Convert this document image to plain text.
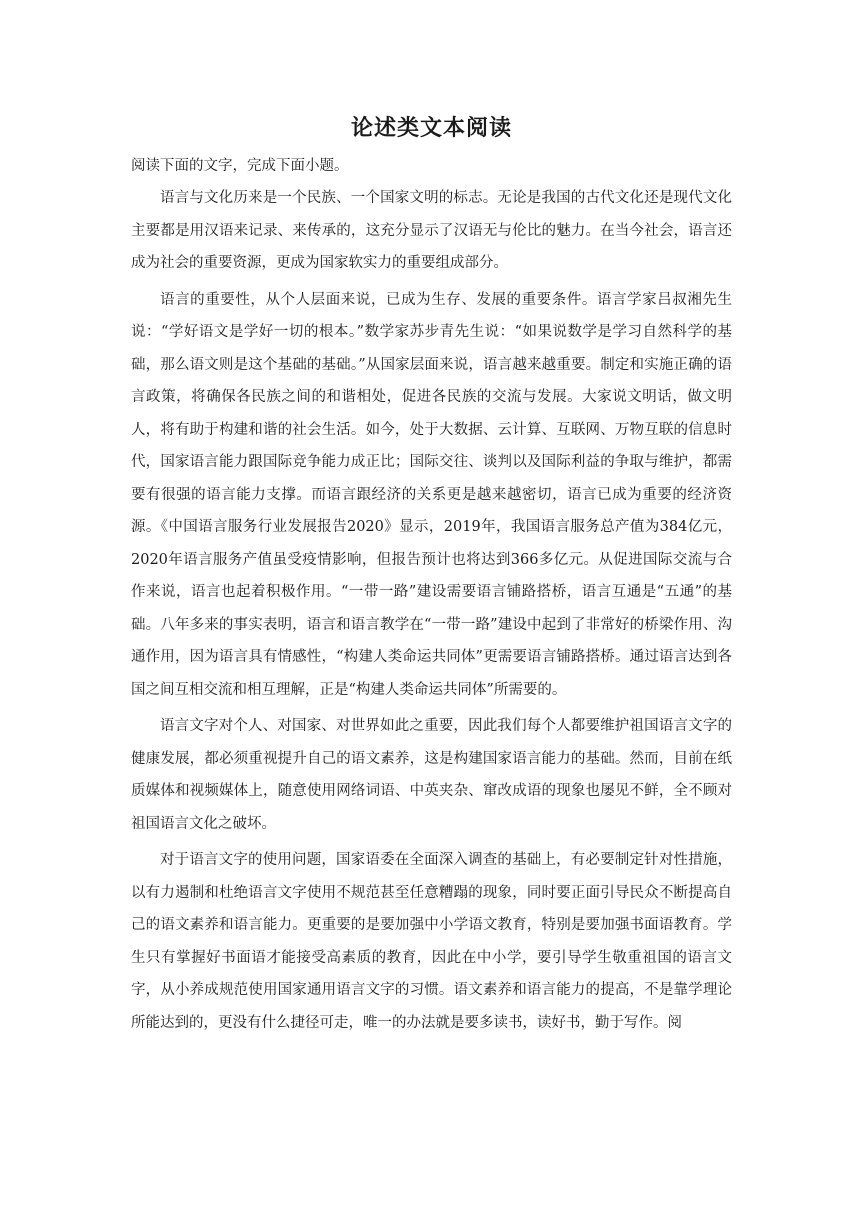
论述类文本阅读

阅读下面的文字，完成下面小题。

语言与文化历来是一个民族、一个国家文明的标志。无论是我国的古代文化还是现代文化主要都是用汉语来记录、来传承的，这充分显示了汉语无与伦比的魅力。在当今社会，语言还成为社会的重要资源，更成为国家软实力的重要组成部分。

语言的重要性，从个人层面来说，已成为生存、发展的重要条件。语言学家吕叔湘先生说：“学好语文是学好一切的根本。”数学家苏步青先生说：“如果说数学是学习自然科学的基础，那么语文则是这个基础的基础。”从国家层面来说，语言越来越重要。制定和实施正确的语言政策，将确保各民族之间的和谐相处，促进各民族的交流与发展。大家说文明话，做文明人，将有助于构建和谐的社会生活。如今，处于大数据、云计算、互联网、万物互联的信息时代，国家语言能力跟国际竞争能力成正比；国际交往、谈判以及国际利益的争取与维护，都需要有很强的语言能力支撑。而语言跟经济的关系更是越来越密切，语言已成为重要的经济资源。《中国语言服务行业发展报告2020》显示，2019年，我国语言服务总产值为384亿元，2020年语言服务产值虽受疫情影响，但报告预计也将达到366多亿元。从促进国际交流与合作来说，语言也起着积极作用。“一带一路”建设需要语言铺路搭桥，语言互通是“五通”的基础。八年多来的事实表明，语言和语言教学在“一带一路”建设中起到了非常好的桥梁作用、沟通作用，因为语言具有情感性，“构建人类命运共同体”更需要语言铺路搭桥。通过语言达到各国之间互相交流和相互理解，正是“构建人类命运共同体”所需要的。

语言文字对个人、对国家、对世界如此之重要，因此我们每个人都要维护祖国语言文字的健康发展，都必须重视提升自己的语文素养，这是构建国家语言能力的基础。然而，目前在纸质媒体和视频媒体上，随意使用网络词语、中英夹杂、窜改成语的现象也屡见不鲜，全不顾对祖国语言文化之破坏。

对于语言文字的使用问题，国家语委在全面深入调查的基础上，有必要制定针对性措施，以有力遏制和杜绝语言文字使用不规范甚至任意糟蹋的现象，同时要正面引导民众不断提高自己的语文素养和语言能力。更重要的是要加强中小学语文教育，特别是要加强书面语教育。学生只有掌握好书面语才能接受高素质的教育，因此在中小学，要引导学生敬重祖国的语言文字，从小养成规范使用国家通用语言文字的习惯。语文素养和语言能力的提高，不是靠学理论所能达到的，更没有什么捷径可走，唯一的办法就是要多读书，读好书，勤于写作。阅
